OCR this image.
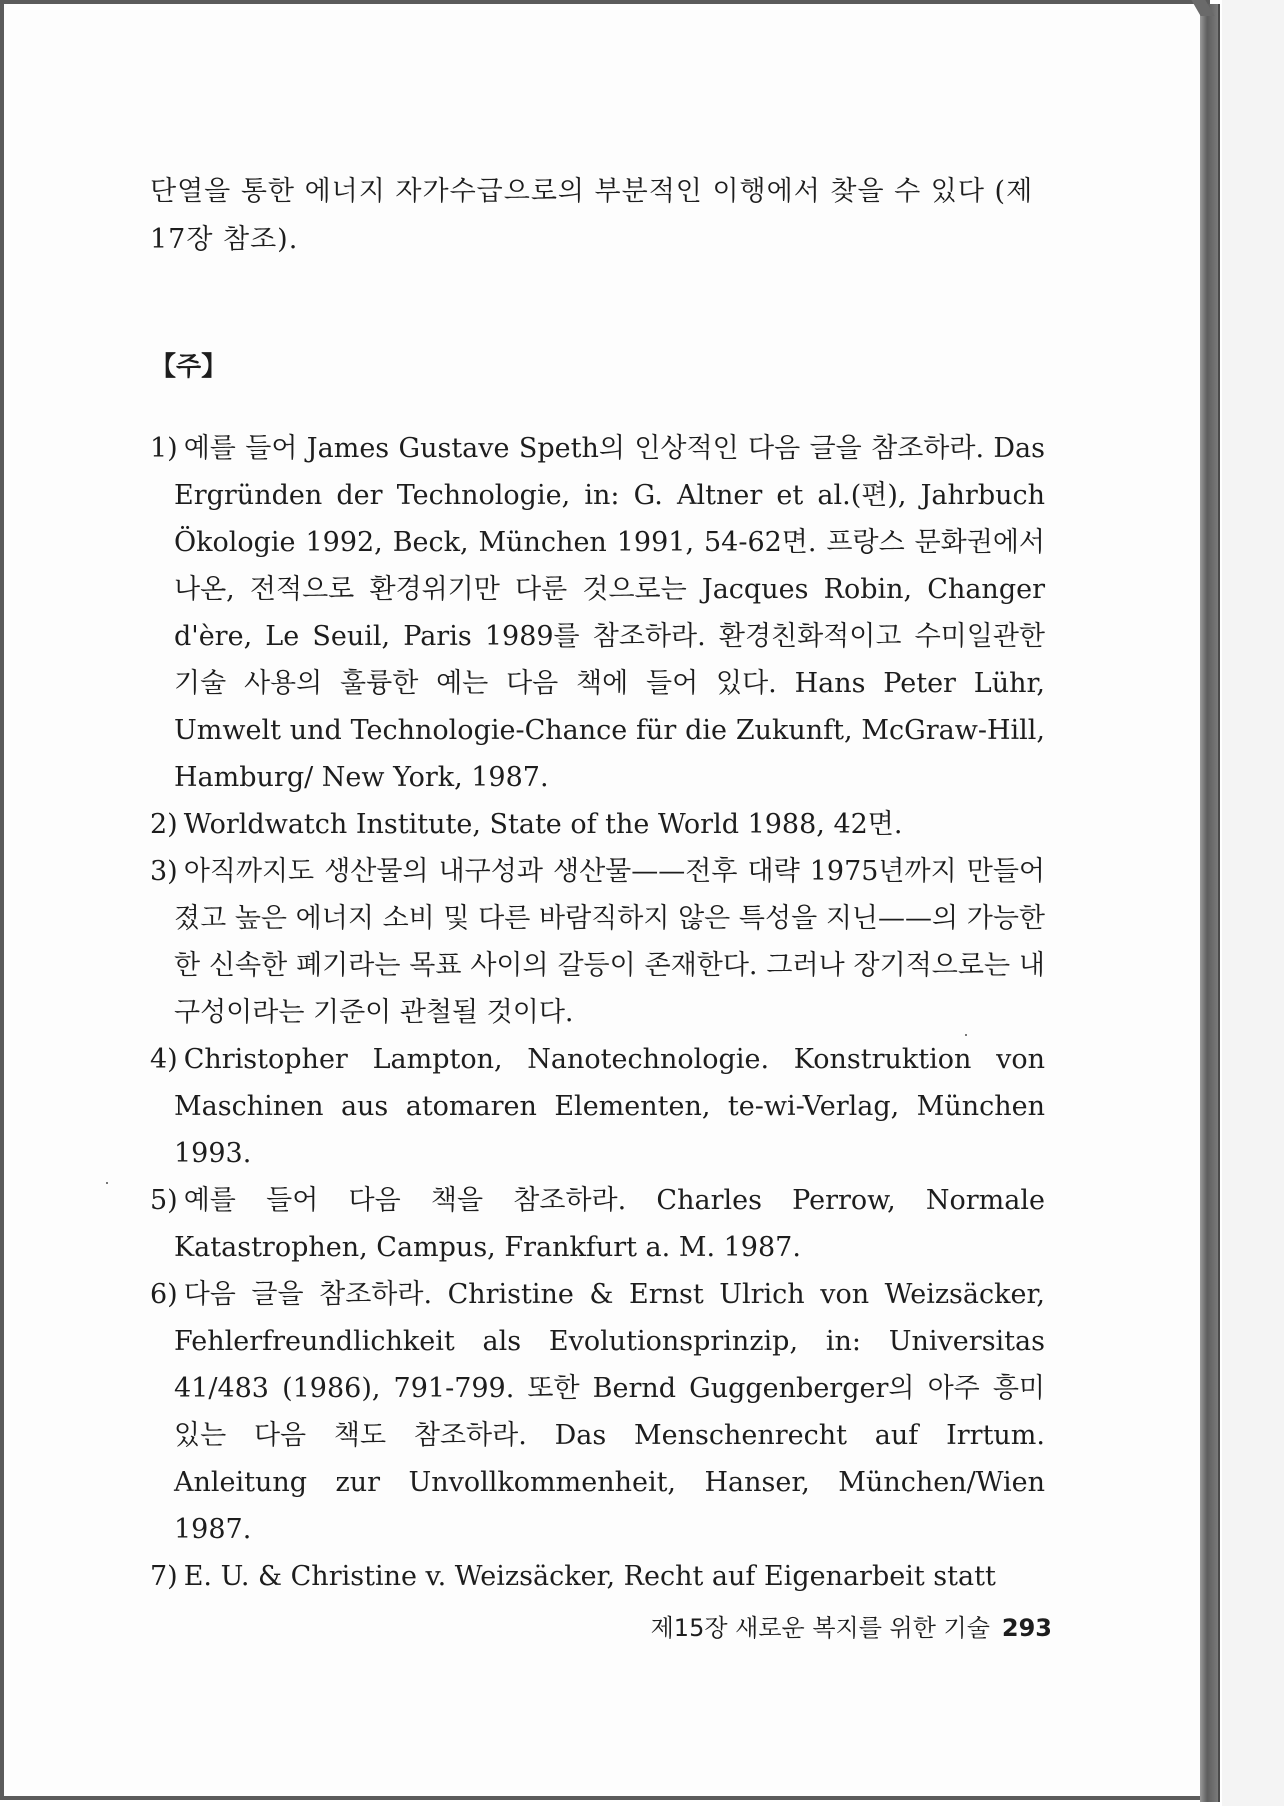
단열을 통한 에너지 자가수급으로의 부분적인 이행에서 찾을 수 있다 (제17장 참조).

【주】

1) 예를 들어 James Gustave Speth의 인상적인 다음 글을 참조하라. Das Ergründen der Technologie, in: G. Altner et al.(편), Jahrbuch Ökologie 1992, Beck, München 1991, 54-62면. 프랑스 문화권에서 나온, 전적으로 환경위기만 다룬 것으로는 Jacques Robin, Changer d'ère, Le Seuil, Paris 1989를 참조하라. 환경친화적이고 수미일관한 기술 사용의 훌륭한 예는 다음 책에 들어 있다. Hans Peter Lühr, Umwelt und Technologie-Chance für die Zukunft, McGraw-Hill, Hamburg/ New York, 1987.

2) Worldwatch Institute, State of the World 1988, 42면.

3) 아직까지도 생산물의 내구성과 생산물——전후 대략 1975년까지 만들어졌고 높은 에너지 소비 및 다른 바람직하지 않은 특성을 지닌——의 가능한 한 신속한 폐기라는 목표 사이의 갈등이 존재한다. 그러나 장기적으로는 내구성이라는 기준이 관철될 것이다.

4) Christopher Lampton, Nanotechnologie. Konstruktion von Maschinen aus atomaren Elementen, te-wi-Verlag, München 1993.

5) 예를 들어 다음 책을 참조하라. Charles Perrow, Normale Katastrophen, Campus, Frankfurt a. M. 1987.

6) 다음 글을 참조하라. Christine & Ernst Ulrich von Weizsäcker, Fehlerfreundlichkeit als Evolutionsprinzip, in: Universitas 41/483 (1986), 791-799. 또한 Bernd Guggenberger의 아주 흥미 있는 다음 책도 참조하라. Das Menschenrecht auf Irrtum. Anleitung zur Unvollkommenheit, Hanser, München/Wien 1987.

7) E. U. & Christine v. Weizsäcker, Recht auf Eigenarbeit statt

제15장 새로운 복지를 위한 기술 293
